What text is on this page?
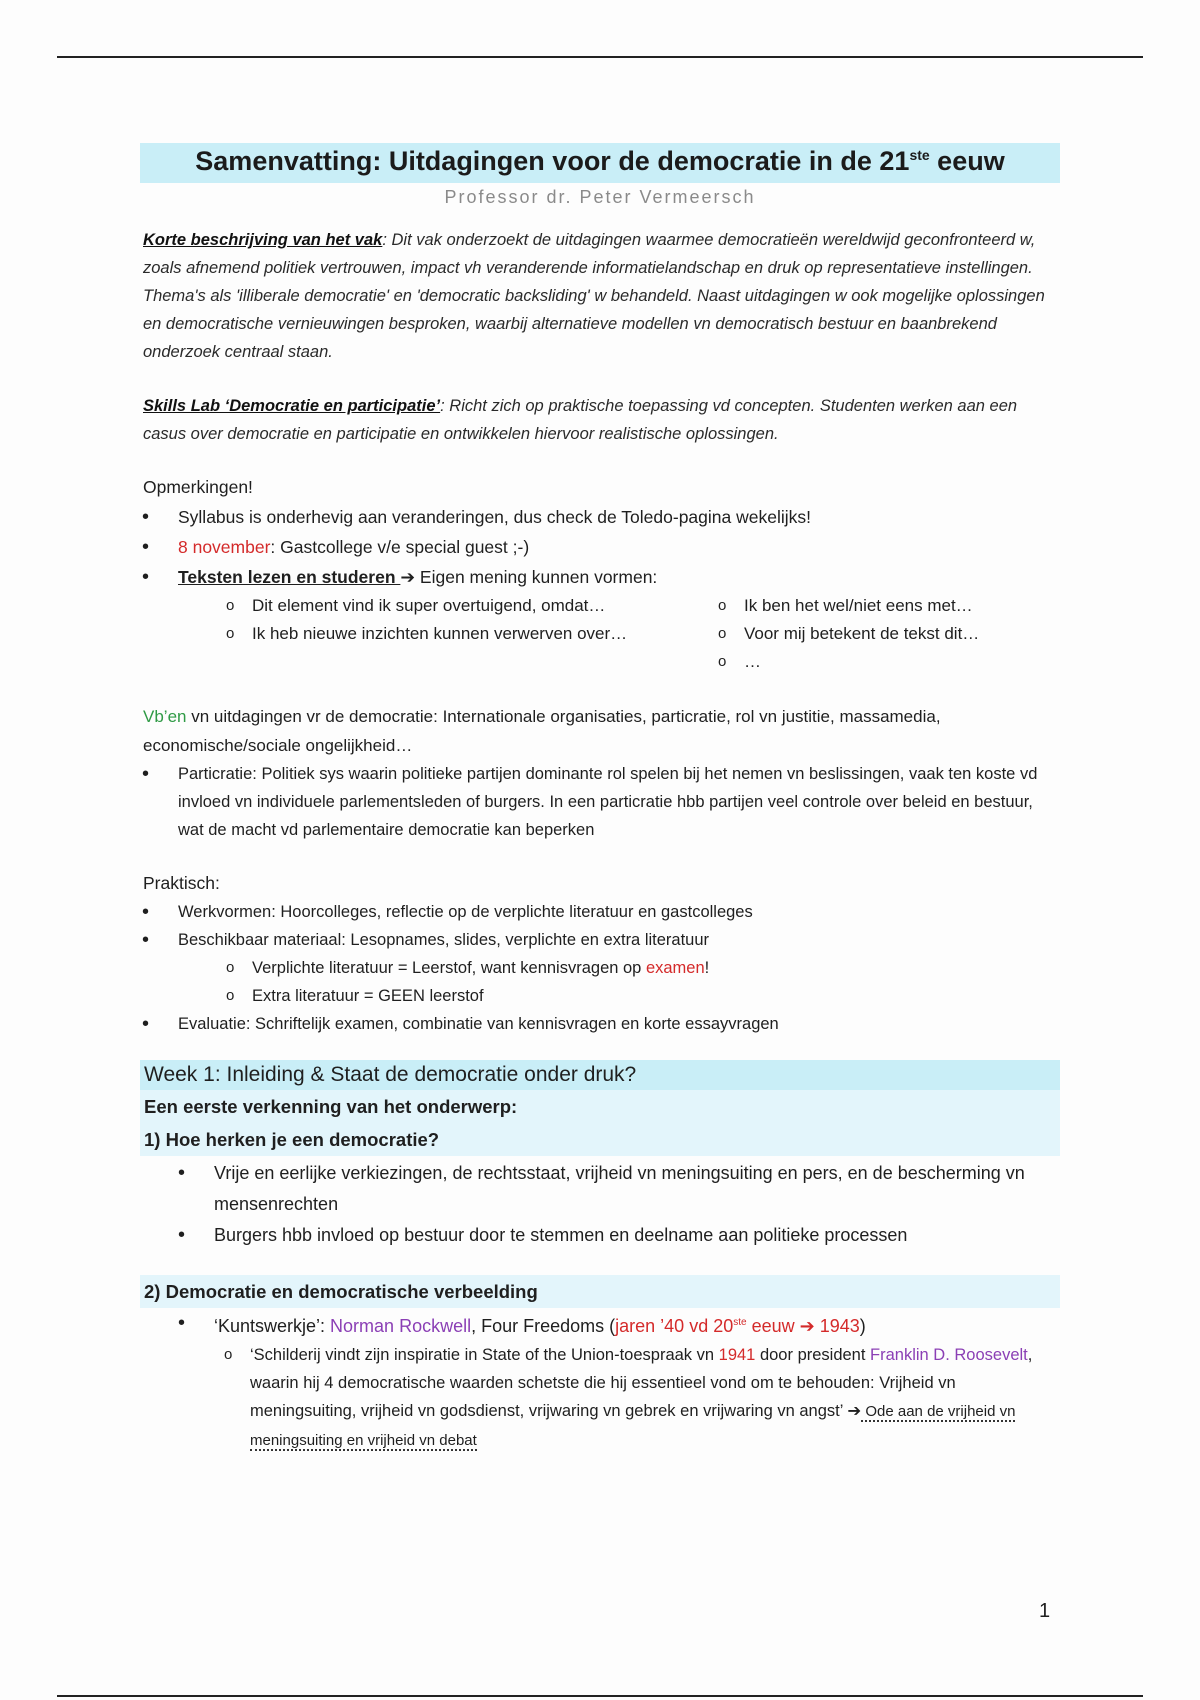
Samenvatting: Uitdagingen voor de democratie in de 21ste eeuw
Professor dr. Peter Vermeersch

Korte beschrijving van het vak: Dit vak onderzoekt de uitdagingen waarmee democratieën wereldwijd geconfronteerd w, zoals afnemend politiek vertrouwen, impact vh veranderende informatielandschap en druk op representatieve instellingen. Thema's als 'illiberale democratie' en 'democratic backsliding' w behandeld. Naast uitdagingen w ook mogelijke oplossingen en democratische vernieuwingen besproken, waarbij alternatieve modellen vn democratisch bestuur en baanbrekend onderzoek centraal staan.

Skills Lab ‘Democratie en participatie’: Richt zich op praktische toepassing vd concepten. Studenten werken aan een casus over democratie en participatie en ontwikkelen hiervoor realistische oplossingen.

Opmerkingen!

• Syllabus is onderhevig aan veranderingen, dus check de Toledo-pagina wekelijks!
• 8 november: Gastcollege v/e special guest ;-)
• Teksten lezen en studeren ➔ Eigen mening kunnen vormen:
o Dit element vind ik super overtuigend, omdat…
o Ik heb nieuwe inzichten kunnen verwerven over…
o Ik ben het wel/niet eens met…
o Voor mij betekent de tekst dit…
o …

Vb’en vn uitdagingen vr de democratie: Internationale organisaties, particratie, rol vn justitie, massamedia, economische/sociale ongelijkheid…

• Particratie: Politiek sys waarin politieke partijen dominante rol spelen bij het nemen vn beslissingen, vaak ten koste vd invloed vn individuele parlementsleden of burgers. In een particratie hbb partijen veel controle over beleid en bestuur, wat de macht vd parlementaire democratie kan beperken

Praktisch:

• Werkvormen: Hoorcolleges, reflectie op de verplichte literatuur en gastcolleges
• Beschikbaar materiaal: Lesopnames, slides, verplichte en extra literatuur
o Verplichte literatuur = Leerstof, want kennisvragen op examen!
o Extra literatuur = GEEN leerstof
• Evaluatie: Schriftelijk examen, combinatie van kennisvragen en korte essayvragen
Week 1: Inleiding & Staat de democratie onder druk?
Een eerste verkenning van het onderwerp:
1) Hoe herken je een democratie?
• Vrije en eerlijke verkiezingen, de rechtsstaat, vrijheid vn meningsuiting en pers, en de bescherming vn mensenrechten
• Burgers hbb invloed op bestuur door te stemmen en deelname aan politieke processen
2) Democratie en democratische verbeelding
• ‘Kuntswerkje’: Norman Rockwell, Four Freedoms (jaren ’40 vd 20ste eeuw ➔ 1943)
o ‘Schilderij vindt zijn inspiratie in State of the Union-toespraak vn 1941 door president Franklin D. Roosevelt, waarin hij 4 democratische waarden schetste die hij essentieel vond om te behouden: Vrijheid vn meningsuiting, vrijheid vn godsdienst, vrijwaring vn gebrek en vrijwaring vn angst’ ➔ Ode aan de vrijheid vn meningsuiting en vrijheid vn debat
1
